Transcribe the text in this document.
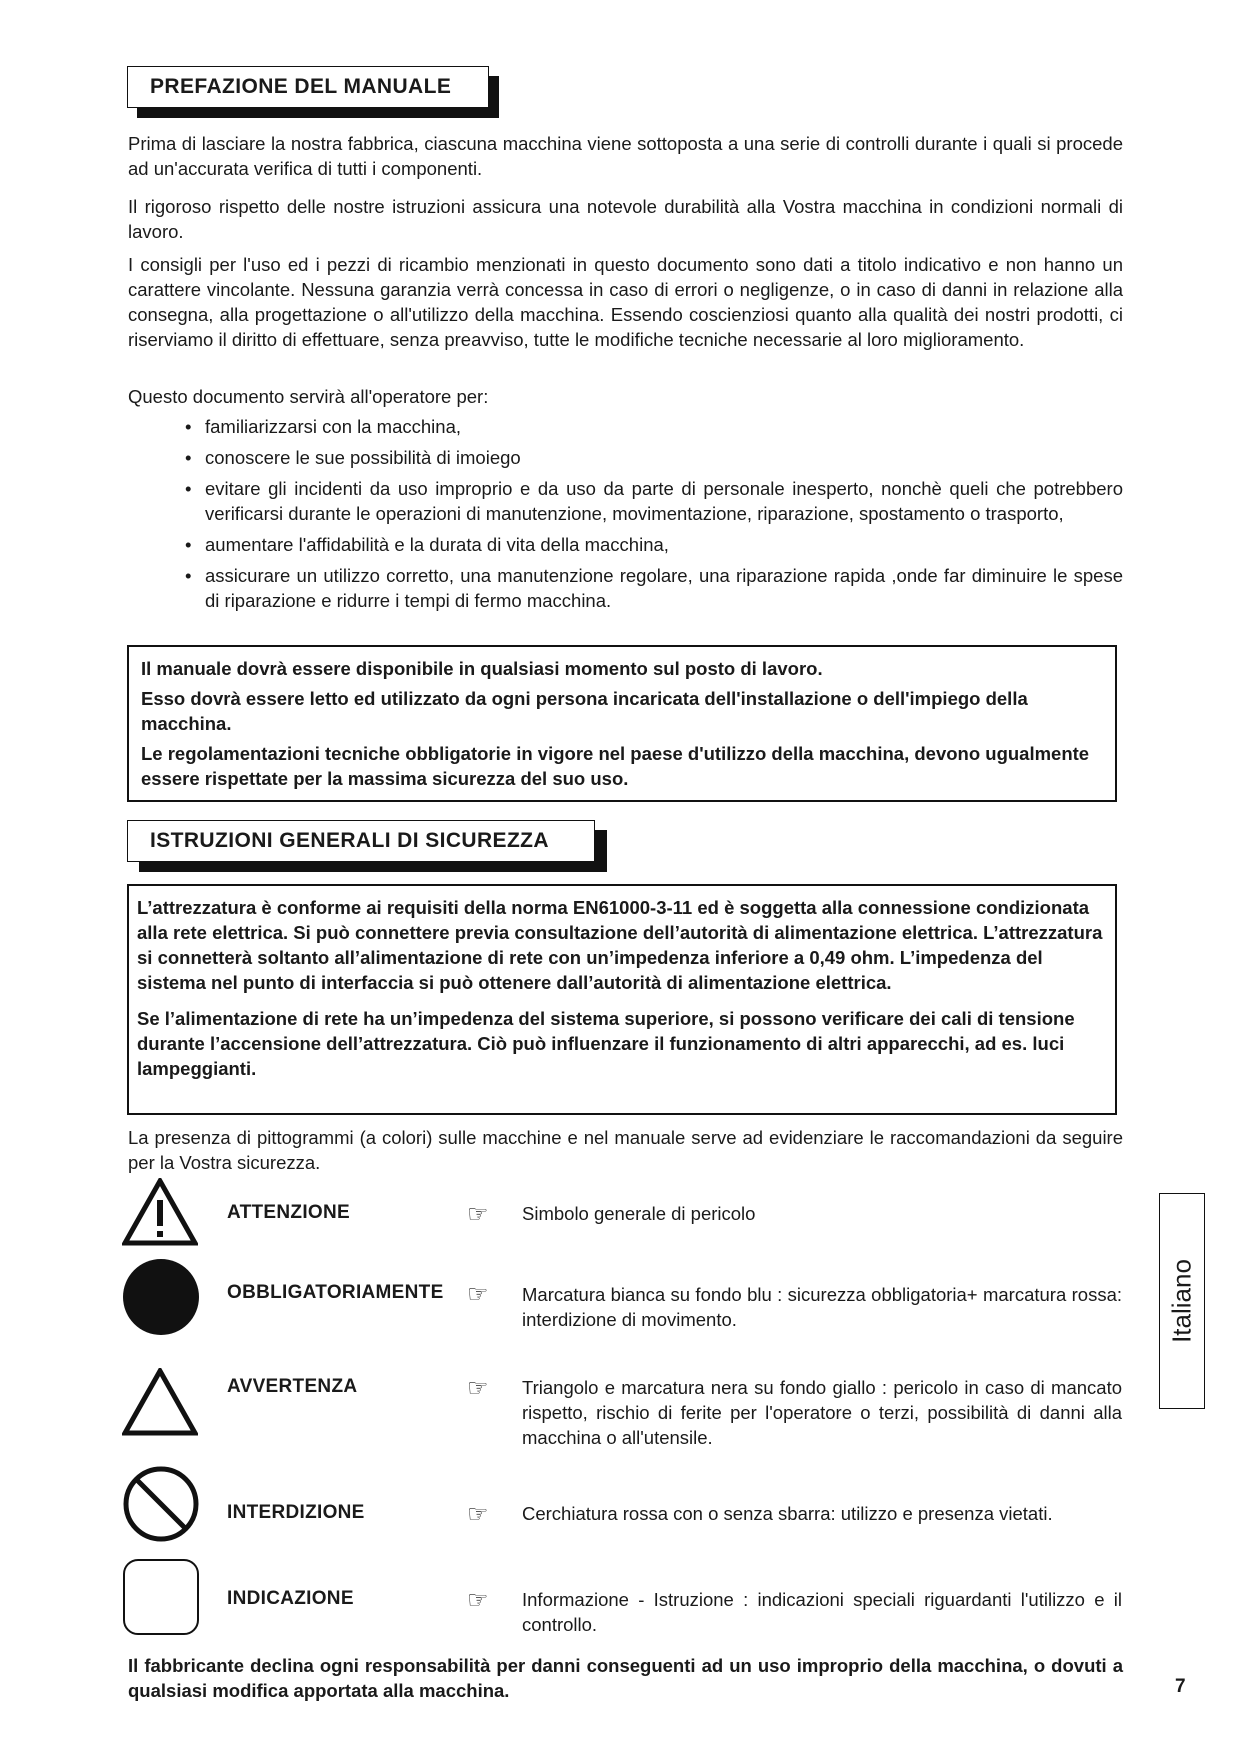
PREFAZIONE DEL MANUALE
Prima di lasciare la nostra fabbrica, ciascuna macchina viene sottoposta a una serie di controlli durante i quali si procede ad un'accurata verifica di tutti i componenti.
Il rigoroso rispetto delle nostre istruzioni assicura una notevole durabilità alla Vostra macchina in condizioni normali di lavoro.
I consigli per l'uso ed i pezzi di ricambio menzionati in questo documento sono dati a titolo indicativo e non hanno un carattere vincolante. Nessuna garanzia verrà concessa in caso di errori o negligenze, o in caso di danni in relazione alla consegna, alla progettazione o all'utilizzo della macchina. Essendo coscienziosi quanto alla qualità dei nostri prodotti, ci riserviamo il diritto di effettuare, senza preavviso, tutte le modifiche tecniche necessarie al loro miglioramento.
Questo documento servirà all'operatore per:
• familiarizzarsi con la macchina,
• conoscere le sue possibilità di imoiego
• evitare gli incidenti da uso improprio e da uso da parte di personale inesperto, nonchè queli che potrebbero verificarsi durante le operazioni di manutenzione, movimentazione, riparazione, spostamento o trasporto,
• aumentare l'affidabilità e la durata di vita della macchina,
• assicurare un utilizzo corretto, una manutenzione regolare, una riparazione rapida ,onde far diminuire le spese di riparazione e ridurre i tempi di fermo macchina.

Il manuale dovrà essere disponibile in qualsiasi momento sul posto di lavoro.

Esso dovrà essere letto ed utilizzato da ogni persona incaricata dell'installazione o dell'impiego della macchina.

Le regolamentazioni tecniche obbligatorie in vigore nel paese d'utilizzo della macchina, devono ugualmente essere rispettate per la massima sicurezza del suo uso.

ISTRUZIONI GENERALI DI SICUREZZA

L’attrezzatura è conforme ai requisiti della norma EN61000-3-11 ed è soggetta alla connessione condizionata alla rete elettrica. Si può connettere previa consultazione dell’autorità di alimentazione elettrica. L’attrezzatura si connetterà soltanto all’alimentazione di rete con un’impedenza inferiore a 0,49 ohm. L’impedenza del sistema nel punto di interfaccia si può ottenere dall’autorità di alimentazione elettrica.

Se l’alimentazione di rete ha un’impedenza del sistema superiore, si possono verificare dei cali di tensione durante l’accensione dell’attrezzatura. Ciò può influenzare il funzionamento di altri apparecchi, ad es. luci lampeggianti.

La presenza di pittogrammi (a colori) sulle macchine e nel manuale serve ad evidenziare le raccomandazioni da seguire per la Vostra sicurezza.
ATTENZIONE	☞ Simbolo generale di pericolo
OBBLIGATORIAMENTE ☞ Marcatura bianca su fondo blu : sicurezza obbligatoria+ marcatura rossa: interdizione di movimento.
AVVERTENZA	☞ Triangolo e marcatura nera su fondo giallo : pericolo in caso di mancato rispetto, rischio di ferite per l'operatore o terzi, possibilità di danni alla macchina o all'utensile.
INTERDIZIONE	☞ Cerchiatura rossa con o senza sbarra: utilizzo e presenza vietati.
INDICAZIONE	☞ Informazione - Istruzione : indicazioni speciali riguardanti l'utilizzo e il controllo.
Il fabbricante declina ogni responsabilità per danni conseguenti ad un uso improprio della macchina, o dovuti a qualsiasi modifica apportata alla macchina.
Italiano
7
